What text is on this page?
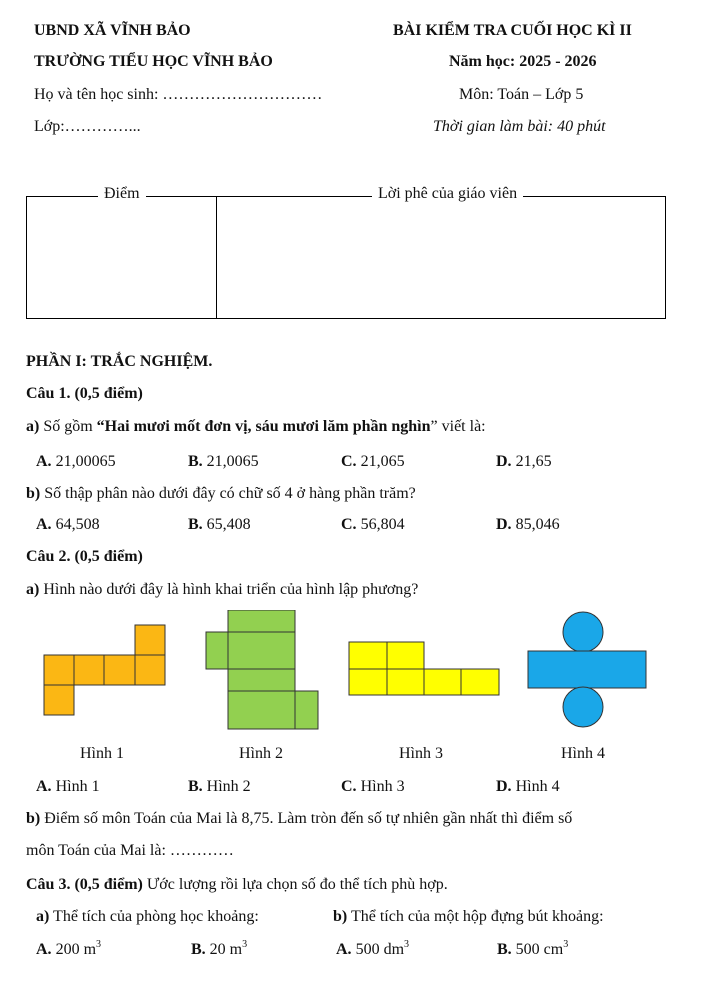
UBND XÃ VĨNH BẢO	BÀI KIỂM TRA CUỐI HỌC KÌ II
TRƯỜNG TIỂU HỌC VĨNH BẢO	Năm học: 2025 - 2026
Họ và tên học sinh: …………………………	Môn: Toán – Lớp 5
Lớp:…………...	Thời gian làm bài: 40 phút
Điểm	Lời phê của giáo viên
PHẦN I: TRẮC NGHIỆM.
Câu 1. (0,5 điểm)
a) Số gồm “Hai mươi mốt đơn vị, sáu mươi lăm phần nghìn” viết là:
A. 21,00065	B. 21,0065	C. 21,065	D. 21,65
b) Số thập phân nào dưới đây có chữ số 4 ở hàng phần trăm?
A. 64,508	B. 65,408	C. 56,804	D. 85,046
Câu 2. (0,5 điểm)
a) Hình nào dưới đây là hình khai triển của hình lập phương?
Hình 1	Hình 2	Hình 3	Hình 4
A. Hình 1	B. Hình 2	C. Hình 3	D. Hình 4
b) Điểm số môn Toán của Mai là 8,75. Làm tròn đến số tự nhiên gần nhất thì điểm số
môn Toán của Mai là: …………
Câu 3. (0,5 điểm) Ước lượng rồi lựa chọn số đo thể tích phù hợp.
a) Thể tích của phòng học khoảng:	b) Thể tích của một hộp đựng bút khoảng:
A. 200 $m^3$	B. 20 $m^3$	A. 500 $dm^3$	B. 500 $cm^3$
